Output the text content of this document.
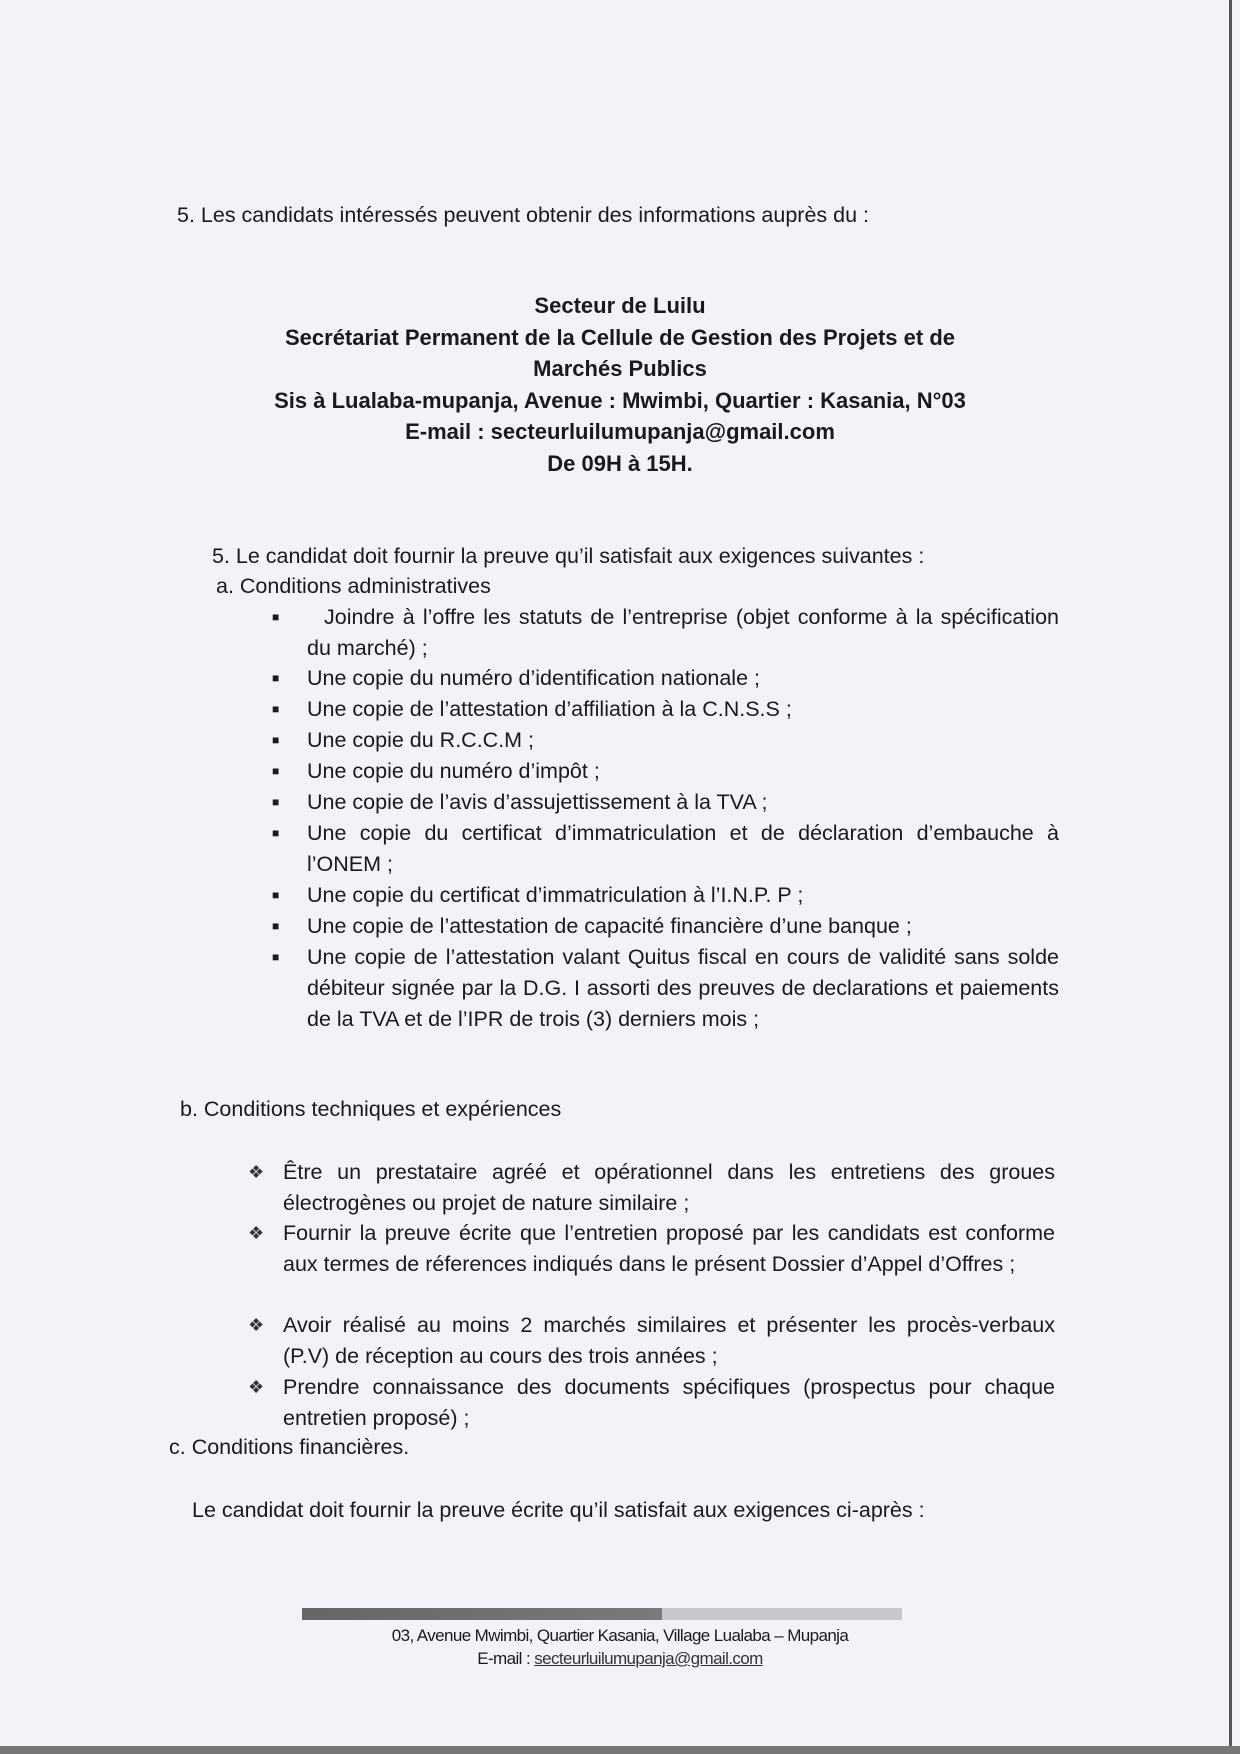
5. Les candidats intéressés peuvent obtenir des informations auprès du :
Secteur de Luilu
Secrétariat Permanent de la Cellule de Gestion des Projets et de
Marchés Publics
Sis à Lualaba-mupanja, Avenue : Mwimbi, Quartier : Kasania, N°03
E-mail : secteurluilumupanja@gmail.com
De 09H à 15H.
5. Le candidat doit fournir la preuve qu’il satisfait aux exigences suivantes :
a. Conditions administratives
■	Joindre à l’offre les statuts de l’entreprise (objet conforme à la spécification du marché) ;
■ Une copie du numéro d’identification nationale ;
■ Une copie de l’attestation d’affiliation à la C.N.S.S ;
■ Une copie du R.C.C.M ;
■ Une copie du numéro d’impôt ;
■ Une copie de l’avis d’assujettissement à la TVA ;
■ Une copie du certificat d’immatriculation et de déclaration d’embauche à l’ONEM ;
■ Une copie du certificat d’immatriculation à l’I.N.P. P ;
■ Une copie de l’attestation de capacité financière d’une banque ;
■ Une copie de l’attestation valant Quitus fiscal en cours de validité sans solde débiteur signée par la D.G. I assorti des preuves de declarations et paiements de la TVA et de l’IPR de trois (3) derniers mois ;
b. Conditions techniques et expériences
❖ Être un prestataire agréé et opérationnel dans les entretiens des groues électrogènes ou projet de nature similaire ;
❖ Fournir la preuve écrite que l’entretien proposé par les candidats est conforme aux termes de réferences indiqués dans le présent Dossier d’Appel d’Offres ;
❖ Avoir réalisé au moins 2 marchés similaires et présenter les procès-verbaux (P.V) de réception au cours des trois années ;
❖ Prendre connaissance des documents spécifiques (prospectus pour chaque entretien proposé) ;
c. Conditions financières.
Le candidat doit fournir la preuve écrite qu’il satisfait aux exigences ci-après :
03, Avenue Mwimbi, Quartier Kasania, Village Lualaba – Mupanja
E-mail : secteurluilumupanja@gmail.com
